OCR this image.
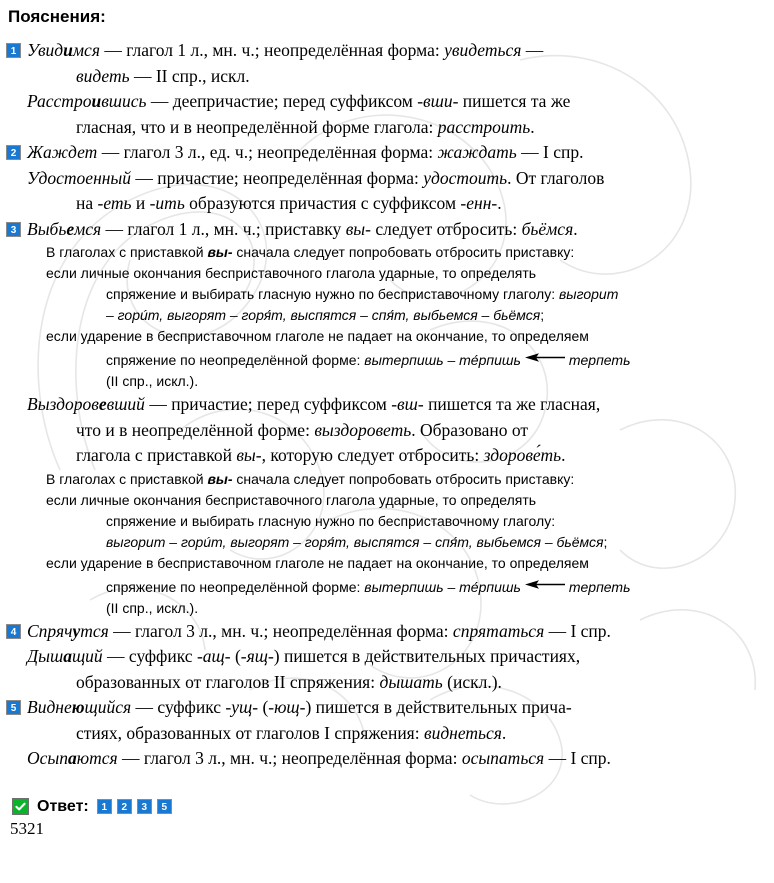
Пояснения:

1 Увидимся — глагол 1 л., мн. ч.; неопределённая форма: увидеться —
видеть — II спр., искл.

Расстроившись — деепричастие; перед суффиксом -вши- пишется та же
гласная, что и в неопределённой форме глагола: расстроить.

2 Жаждет — глагол 3 л., ед. ч.; неопределённая форма: жаждать — I спр.

Удостоенный — причастие; неопределённая форма: удостоить. От глаголов
на -еть и -ить образуются причастия с суффиксом -енн-.

3 Выбьемся — глагол 1 л., мн. ч.; приставку вы- следует отбросить: бьёмся.

В глаголах с приставкой вы- сначала следует попробовать отбросить приставку:
если личные окончания бесприставочного глагола ударные, то определять
спряжение и выбирать гласную нужно по бесприставочному глаголу: выгорит
– горúт, выгорят – горя́т, выспятся – спя́т, выбьемся – бьёмся;
если ударение в бесприставочном глаголе не падает на окончание, то определяем
спряжение по неопределённой форме: вытерпишь – те́рпишь	терпеть
(II спр., искл.).

Выздоровевший — причастие; перед суффиксом -вш- пишется та же гласная,
что и в неопределённой форме: выздороветь. Образовано от
глагола с приставкой вы-, которую следует отбросить: здорове́ть.

В глаголах с приставкой вы- сначала следует попробовать отбросить приставку:
если личные окончания бесприставочного глагола ударные, то определять
спряжение и выбирать гласную нужно по бесприставочному глаголу:
выгорит – горúт, выгорят – горя́т, выспятся – спя́т, выбьемся – бьёмся;
если ударение в бесприставочном глаголе не падает на окончание, то определяем
спряжение по неопределённой форме: вытерпишь – те́рпишь	терпеть
(II спр., искл.).

4 Спрячутся — глагол 3 л., мн. ч.; неопределённая форма: спрятаться — I спр.

Дышащий — суффикс -ащ- (-ящ-) пишется в действительных причастиях,
образованных от глаголов II спряжения: дышать (искл.).

5 Виднеющийся — суффикс -ущ- (-ющ-) пишется в действительных прича-
стиях, образованных от глаголов I спряжения: виднеться.

Осыпаются — глагол 3 л., мн. ч.; неопределённая форма: осыпаться — I спр.

Ответ:	1	2	3	5
5321
